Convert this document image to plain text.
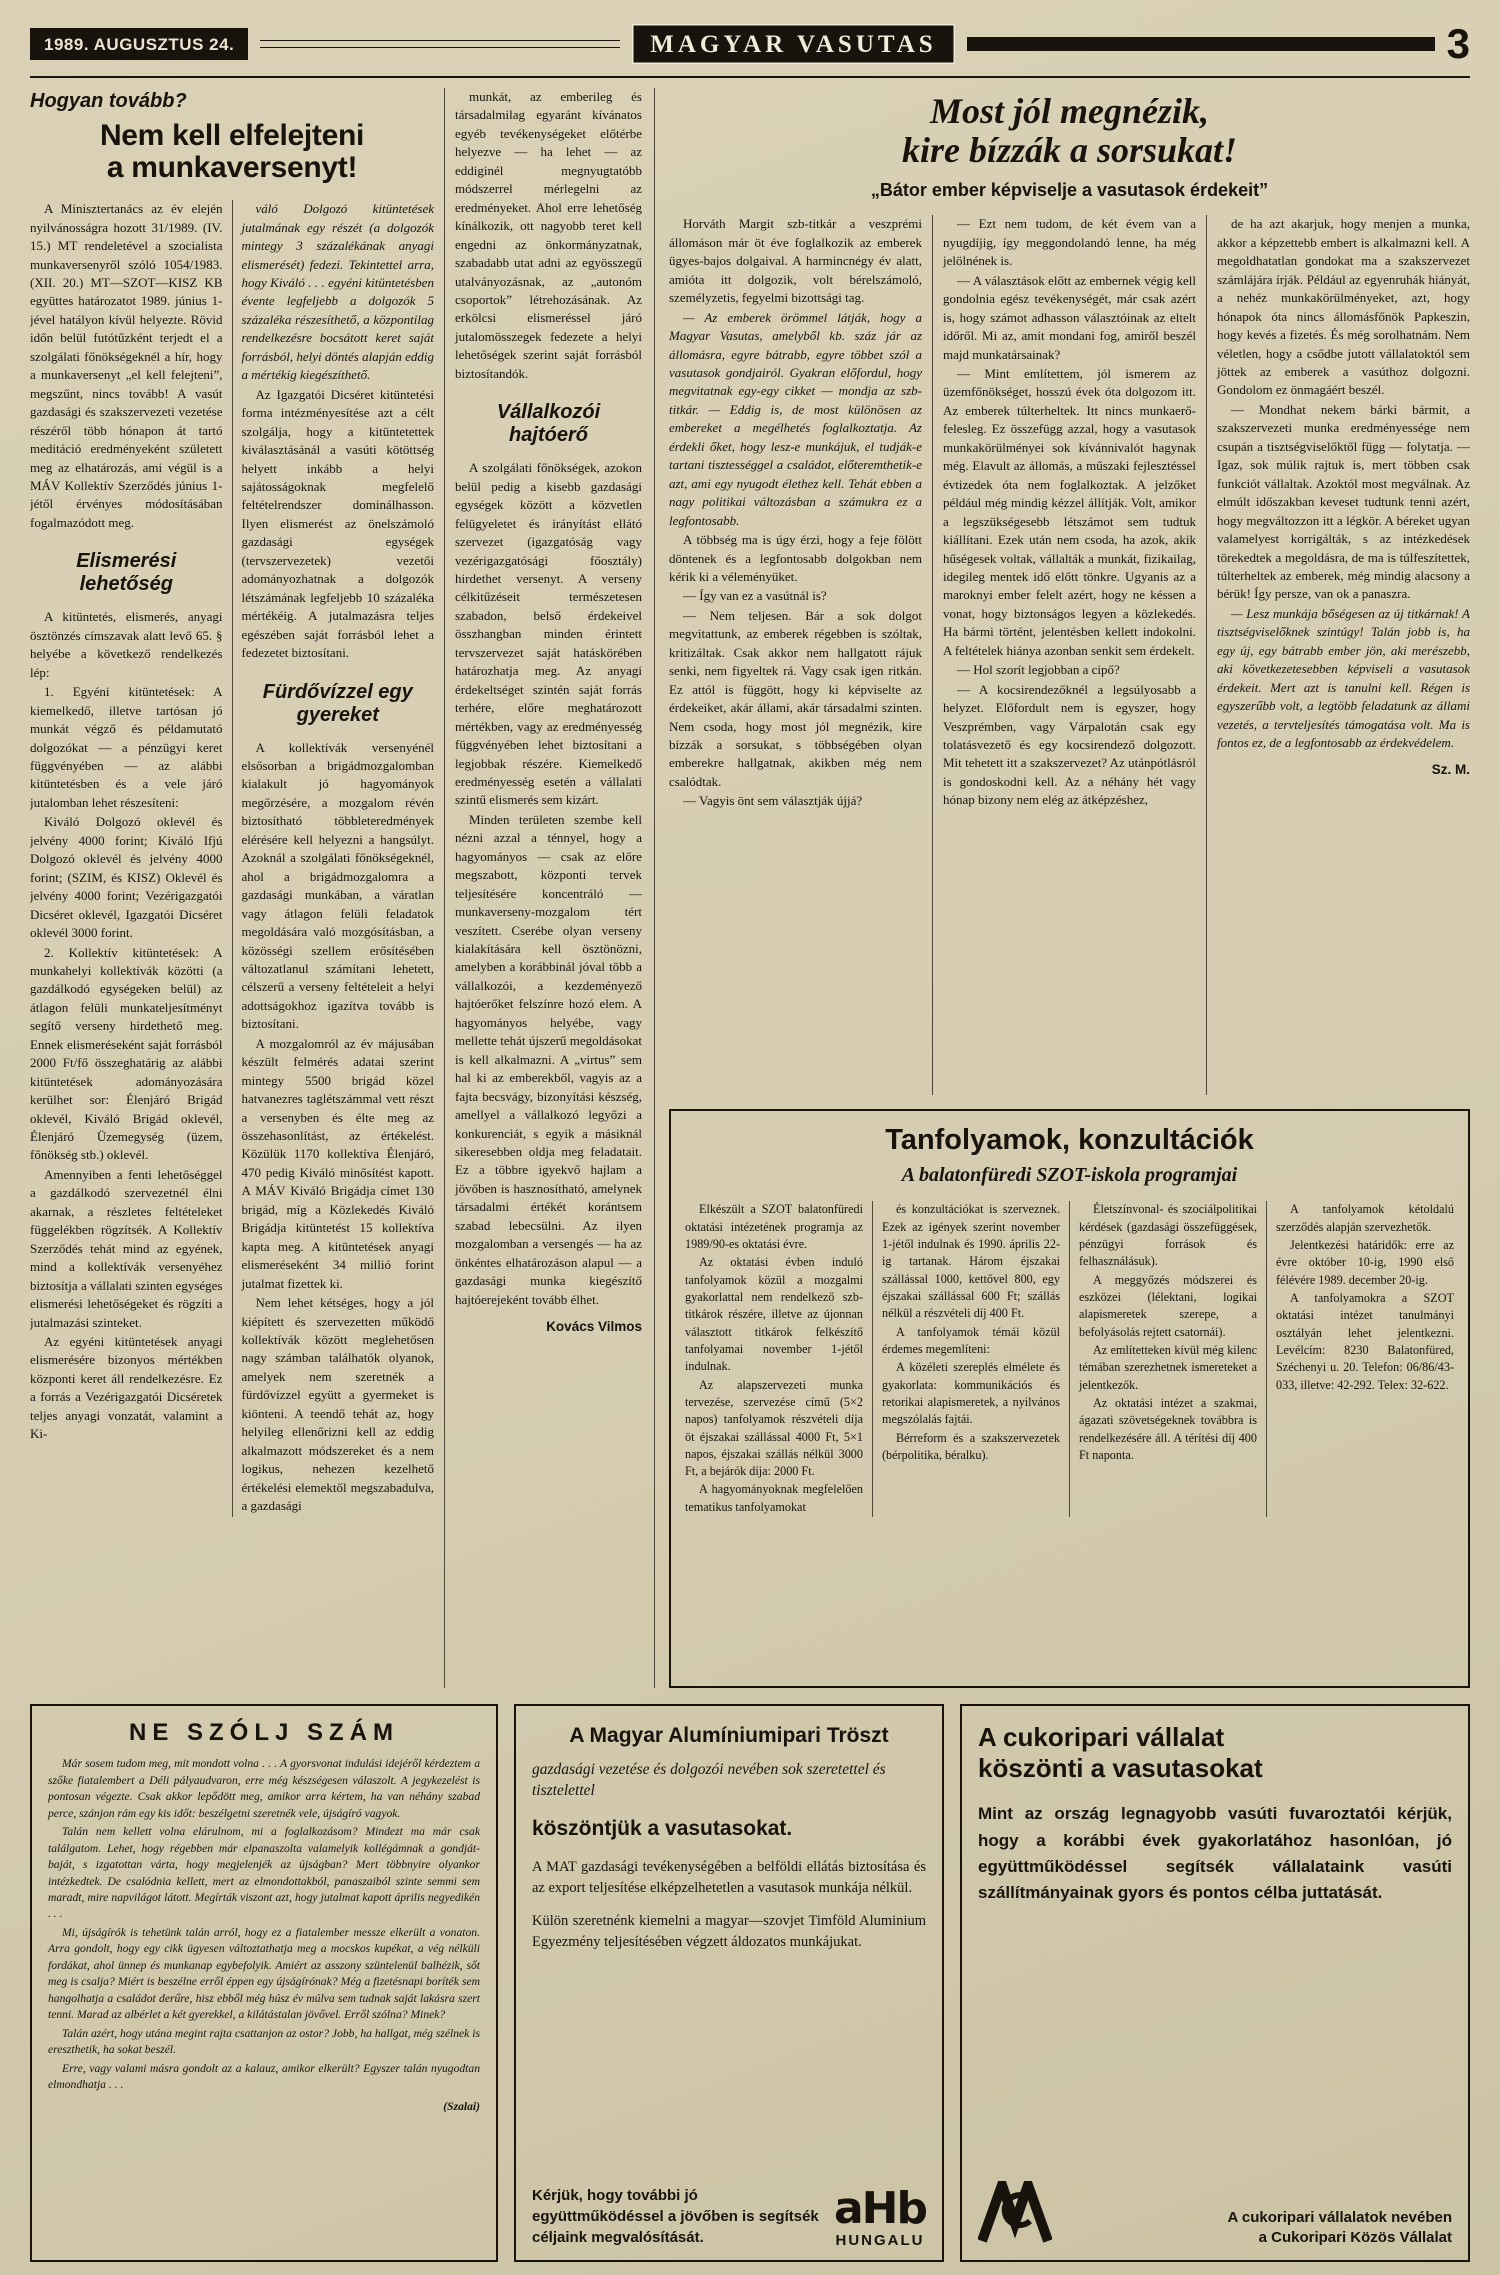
1989. AUGUSZTUS 24.	MAGYAR VASUTAS	3
Hogyan tovább?
Nem kell elfelejteni
a munkaversenyt!

A Minisztertanács az év elején nyilvánosságra hozott 31/1989. (IV. 15.) MT rendeletével a szocialista munkaversenyről szóló 1054/1983. (XII. 20.) MT—SZOT—KISZ KB együttes határozatot 1989. június 1-jével hatályon kívül helyezte. Rövid időn belül futótűzként terjedt el a szolgálati főnökségeknél a hír, hogy a munkaversenyt „el kell felejteni”, megszűnt, nincs tovább! A vasút gazdasági és szakszervezeti vezetése részéről több hónapon át tartó meditáció eredményeként született meg az elhatározás, ami végül is a MÁV Kollektív Szerződés június 1-jétől érvényes módosításában fogalmazódott meg.

Elismerési lehetőség

A kitüntetés, elismerés, anyagi ösztönzés címszavak alatt levő 65. § helyébe a következő rendelkezés lép:

1. Egyéni kitüntetések: A kiemelkedő, illetve tartósan jó munkát végző és példamutató dolgozókat — a pénzügyi keret függvényében — az alábbi kitüntetésben és a vele járó jutalomban lehet részesíteni:

Kiváló Dolgozó oklevél és jelvény 4000 forint; Kiváló Ifjú Dolgozó oklevél és jelvény 4000 forint; (SZIM, és KISZ) Oklevél és jelvény 4000 forint; Vezérigazgatói Dicséret oklevél, Igazgatói Dicséret oklevél 3000 forint.

2. Kollektív kitüntetések: A munkahelyi kollektívák közötti (a gazdálkodó egységeken belül) az átlagon felüli munkateljesítményt segítő verseny hirdethető meg. Ennek elismeréseként saját forrásból 2000 Ft/fő összeghatárig az alábbi kitüntetések adományozására kerülhet sor: Élenjáró Brigád oklevél, Kiváló Brigád oklevél, Élenjáró Üzemegység (üzem, főnökség stb.) oklevél.

Amennyiben a fenti lehetőséggel a gazdálkodó szervezetnél élni akarnak, a részletes feltételeket függelékben rögzítsék. A Kollektív Szerződés tehát mind az egyének, mind a kollektívák versenyéhez biztosítja a vállalati szinten egységes elismerési lehetőségeket és rögzíti a jutalmazási szinteket.

Az egyéni kitüntetések anyagi elismerésére bizonyos mértékben központi keret áll rendelkezésre. Ez a forrás a Vezérigazgatói Dicséretek teljes anyagi vonzatát, valamint a Ki-

váló Dolgozó kitüntetések jutalmának egy részét (a dolgozók mintegy 3 százalékának anyagi elismerését) fedezi. Tekintettel arra, hogy Kiváló . . . egyéni kitüntetésben évente legfeljebb a dolgozók 5 százaléka részesíthető, a központilag rendelkezésre bocsátott keret saját forrásból, helyi döntés alapján eddig a mértékig kiegészíthető.

Az Igazgatói Dicséret kitüntetési forma intézményesítése azt a célt szolgálja, hogy a kitüntetettek kiválasztásánál a vasúti kötöttség helyett inkább a helyi sajátosságoknak megfelelő feltételrendszer dominálhasson. Ilyen elismerést az önelszámoló gazdasági egységek (tervszervezetek) vezetői adományozhatnak a dolgozók létszámának legfeljebb 10 százaléka mértékéig. A jutalmazásra teljes egészében saját forrásból lehet a fedezetet biztosítani.

Fürdővízzel egy gyereket

A kollektívák versenyénél elsősorban a brigádmozgalomban kialakult jó hagyományok megőrzésére, a mozgalom révén biztosítható többleteredmények elérésére kell helyezni a hangsúlyt. Azoknál a szolgálati főnökségeknél, ahol a brigádmozgalomra a gazdasági munkában, a váratlan vagy átlagon felüli feladatok megoldására való mozgósításban, a közösségi szellem erősítésében változatlanul számítani lehetett, célszerű a verseny feltételeit a helyi adottságokhoz igazítva tovább is biztosítani.

A mozgalomról az év májusában készült felmérés adatai szerint mintegy 5500 brigád közel hatvanezres taglétszámmal vett részt a versenyben és élte meg az összehasonlítást, az értékelést. Közülük 1170 kollektíva Élenjáró, 470 pedig Kiváló minősítést kapott. A MÁV Kiváló Brigádja címet 130 brigád, míg a Közlekedés Kiváló Brigádja kitüntetést 15 kollektíva kapta meg. A kitüntetések anyagi elismeréseként 34 millió forint jutalmat fizettek ki.

Nem lehet kétséges, hogy a jól kiépített és szervezetten működő kollektívák között meglehetősen nagy számban találhatók olyanok, amelyek nem szeretnék a fürdővízzel együtt a gyermeket is kiönteni. A teendő tehát az, hogy helyileg ellenőrizni kell az eddig alkalmazott módszereket és a nem logikus, nehezen kezelhető értékelési elemektől megszabadulva, a gazdasági

munkát, az emberileg és társadalmilag egyaránt kívánatos egyéb tevékenységeket előtérbe helyezve — ha lehet — az eddiginél megnyugtatóbb módszerrel mérlegelni az eredményeket. Ahol erre lehetőség kínálkozik, ott nagyobb teret kell engedni az önkormányzatnak, szabadabb utat adni az egyösszegű utalványozásnak, az „autonóm csoportok” létrehozásának. Az erkölcsi elismeréssel járó jutalomösszegek fedezete a helyi lehetőségek szerint saját forrásból biztosítandók.

Vállalkozói hajtóerő

A szolgálati főnökségek, azokon belül pedig a kisebb gazdasági egységek között a közvetlen felügyeletet és irányítást ellátó szervezet (igazgatóság vagy vezérigazgatósági főosztály) hirdethet versenyt. A verseny célkitűzéseit természetesen szabadon, belső érdekeivel összhangban minden érintett tervszervezet saját hatáskörében határozhatja meg. Az anyagi érdekeltséget szintén saját forrás terhére, előre meghatározott mértékben, vagy az eredményesség függvényében lehet biztosítani a legjobbak részére. Kiemelkedő eredményesség esetén a vállalati szintű elismerés sem kizárt.

Minden területen szembe kell nézni azzal a ténnyel, hogy a hagyományos — csak az előre megszabott, központi tervek teljesítésére koncentráló — munkaverseny-mozgalom tért veszített. Cserébe olyan verseny kialakítására kell ösztönözni, amelyben a korábbinál jóval több a vállalkozói, a kezdeményező hajtóerőket felszínre hozó elem. A hagyományos helyébe, vagy mellette tehát újszerű megoldásokat is kell alkalmazni. A „virtus” sem hal ki az emberekből, vagyis az a fajta becsvágy, bizonyítási készség, amellyel a vállalkozó legyőzi a konkurenciát, s egyik a másiknál sikeresebben oldja meg feladatait. Ez a többre igyekvő hajlam a jövőben is hasznosítható, amelynek társadalmi értékét korántsem szabad lebecsülni. Az ilyen mozgalomban a versengés — ha az önkéntes elhatározáson alapul — a gazdasági munka kiegészítő hajtóerejeként tovább élhet.

Kovács Vilmos

Most jól megnézik,
kire bízzák a sorsukat!
„Bátor ember képviselje a vasutasok érdekeit”

Horváth Margit szb-titkár a veszprémi állomáson már öt éve foglalkozik az emberek ügyes-bajos dolgaival. A harmincnégy év alatt, amióta itt dolgozik, volt bérelszámoló, személyzetis, fegyelmi bizottsági tag.

— Az emberek örömmel látják, hogy a Magyar Vasutas, amelyből kb. száz jár az állomásra, egyre bátrabb, egyre többet szól a vasutasok gondjairól. Gyakran előfordul, hogy megvitatnak egy-egy cikket — mondja az szb-titkár. — Eddig is, de most különösen az embereket a megélhetés foglalkoztatja. Az érdekli őket, hogy lesz-e munkájuk, el tudják-e tartani tisztességgel a családot, előteremthetik-e azt, ami egy nyugodt élethez kell. Tehát ebben a nagy politikai változásban a számukra ez a legfontosabb.

A többség ma is úgy érzi, hogy a feje fölött döntenek és a legfontosabb dolgokban nem kérik ki a véleményüket.

— Így van ez a vasútnál is?

— Nem teljesen. Bár a sok dolgot megvitattunk, az emberek régebben is szóltak, kritizáltak. Csak akkor nem hallgatott rájuk senki, nem figyeltek rá. Vagy csak igen ritkán. Ez attól is függött, hogy ki képviselte az érdekeiket, akár állami, akár társadalmi szinten. Nem csoda, hogy most jól megnézik, kire bízzák a sorsukat, s többségében olyan emberekre hallgatnak, akikben még nem csalódtak.

— Vagyis önt sem választják újjá?

— Ezt nem tudom, de két évem van a nyugdíjig, így meggondolandó lenne, ha még jelölnének is.

— A választások előtt az embernek végig kell gondolnia egész tevékenységét, már csak azért is, hogy számot adhasson választóinak az eltelt időről. Mi az, amit mondani fog, amiről beszél majd munkatársainak?

— Mint említettem, jól ismerem az üzemfőnökséget, hosszú évek óta dolgozom itt. Az emberek túlterheltek. Itt nincs munkaerő-felesleg. Ez összefügg azzal, hogy a vasutasok munkakörülményei sok kívánnivalót hagynak még. Elavult az állomás, a műszaki fejlesztéssel évtizedek óta nem foglalkoztak. A jelzőket például még mindig kézzel állítják. Volt, amikor a legszükségesebb létszámot sem tudtuk kiállítani. Ezek után nem csoda, ha azok, akik hűségesek voltak, vállalták a munkát, fizikailag, idegileg mentek idő előtt tönkre. Ugyanis az a maroknyi ember felelt azért, hogy ne késsen a vonat, hogy biztonságos legyen a közlekedés. Ha bármi történt, jelentésben kellett indokolni. A feltételek hiánya azonban senkit sem érdekelt.

— Hol szorít legjobban a cipő?

— A kocsirendezőknél a legsúlyosabb a helyzet. Előfordult nem is egyszer, hogy Veszprémben, vagy Várpalotán csak egy tolatásvezető és egy kocsirendező dolgozott. Mit tehetett itt a szakszervezet? Az utánpótlásról is gondoskodni kell. Az a néhány hét vagy hónap bizony nem elég az átképzéshez,

de ha azt akarjuk, hogy menjen a munka, akkor a képzettebb embert is alkalmazni kell. A megoldhatatlan gondokat ma a szakszervezet számlájára írják. Például az egyenruhák hiányát, a nehéz munkakörülményeket, azt, hogy hónapok óta nincs állomásfőnök Papkeszin, hogy kevés a fizetés. És még sorolhatnám. Nem véletlen, hogy a csődbe jutott vállalatoktól sem jöttek az emberek a vasúthoz dolgozni. Gondolom ez önmagáért beszél.

— Mondhat nekem bárki bármit, a szakszervezeti munka eredményessége nem csupán a tisztségviselőktől függ — folytatja. — Igaz, sok múlik rajtuk is, mert többen csak funkciót vállaltak. Azoktól most megválnak. Az elmúlt időszakban keveset tudtunk tenni azért, hogy megváltozzon itt a légkör. A béreket ugyan valamelyest korrigálták, s az intézkedések törekedtek a megoldásra, de ma is túlfeszítettek, túlterheltek az emberek, még mindig alacsony a bérük! Így persze, van ok a panaszra.

— Lesz munkája bőségesen az új titkárnak! A tisztségviselőknek szintúgy! Talán jobb is, ha egy új, egy bátrabb ember jön, aki merészebb, aki következetesebben képviseli a vasutasok érdekeit. Mert azt is tanulni kell. Régen is egyszerűbb volt, a legtöbb feladatunk az állami vezetés, a tervteljesítés támogatása volt. Ma is fontos ez, de a legfontosabb az érdekvédelem.

Sz. M.

Tanfolyamok, konzultációk
A balatonfüredi SZOT-iskola programjai

Elkészült a SZOT balatonfüredi oktatási intézetének programja az 1989/90-es oktatási évre.

Az oktatási évben induló tanfolyamok közül a mozgalmi gyakorlattal nem rendelkező szb-titkárok részére, illetve az újonnan választott titkárok felkészítő tanfolyamai november 1-jétől indulnak.

Az alapszervezeti munka tervezése, szervezése című (5×2 napos) tanfolyamok részvételi díja öt éjszakai szállással 4000 Ft, 5×1 napos, éjszakai szállás nélkül 3000 Ft, a bejárók díja: 2000 Ft.

A hagyományoknak megfelelően tematikus tanfolyamokat

és konzultációkat is szerveznek. Ezek az igények szerint november 1-jétől indulnak és 1990. április 22-ig tartanak. Három éjszakai szállással 1000, kettővel 800, egy éjszakai szállással 600 Ft; szállás nélkül a részvételi díj 400 Ft.

A tanfolyamok témái közül érdemes megemlíteni:

A közéleti szereplés elmélete és gyakorlata: kommunikációs és retorikai alapismeretek, a nyilvános megszólalás fajtái.

Bérreform és a szakszervezetek (bérpolitika, béralku).

Életszínvonal- és szociálpolitikai kérdések (gazdasági összefüggések, pénzügyi források és felhasználásuk).

A meggyőzés módszerei és eszközei (lélektani, logikai alapismeretek szerepe, a befolyásolás rejtett csatornái).

Az említetteken kívül még kilenc témában szerezhetnek ismereteket a jelentkezők.

Az oktatási intézet a szakmai, ágazati szövetségeknek továbbra is rendelkezésére áll. A térítési díj 400 Ft naponta.

A tanfolyamok kétoldalú szerződés alapján szervezhetők.

Jelentkezési határidők: erre az évre október 10-ig, 1990 első félévére 1989. december 20-ig.

A tanfolyamokra a SZOT oktatási intézet tanulmányi osztályán lehet jelentkezni. Levélcím: 8230 Balatonfüred, Széchenyi u. 20. Telefon: 06/86/43-033, illetve: 42-292. Telex: 32-622.

NE SZÓLJ SZÁM

Már sosem tudom meg, mit mondott volna . . . A gyorsvonat indulási idejéről kérdeztem a szőke fiatalembert a Déli pályaudvaron, erre még készségesen válaszolt. A jegykezelést is pontosan végezte. Csak akkor lepődött meg, amikor arra kértem, ha van néhány szabad perce, szánjon rám egy kis időt: beszélgetni szeretnék vele, újságíró vagyok.

Talán nem kellett volna elárulnom, mi a foglalkozásom? Mindezt ma már csak találgatom. Lehet, hogy régebben már elpanaszolta valamelyik kollégámnak a gondját-baját, s izgatottan várta, hogy megjelenjék az újságban? Mert többnyire olyankor intézkedtek. De csalódnia kellett, mert az elmondottakból, panaszaiból szinte semmi sem maradt, mire napvilágot látott. Megírták viszont azt, hogy jutalmat kapott április negyedikén . . .

Mi, újságírók is tehetünk talán arról, hogy ez a fiatalember messze elkerült a vonaton. Arra gondolt, hogy egy cikk ügyesen változtathatja meg a mocskos kupékat, a vég nélküli fordákat, ahol ünnep és munkanap egybefolyik. Amiért az asszony szüntelenül balhézik, sőt meg is csalja? Miért is beszélne erről éppen egy újságírónak? Még a fizetésnapi boríték sem hangolhatja a családot derűre, hisz ebből még húsz év múlva sem tudnak saját lakásra szert tenni. Marad az albérlet a két gyerekkel, a kilátástalan jövővel. Erről szólna? Minek?

Talán azért, hogy utána megint rajta csattanjon az ostor? Jobb, ha hallgat, még szélnek is ereszthetik, ha sokat beszél.

Erre, vagy valami másra gondolt az a kalauz, amikor elkerült? Egyszer talán nyugodtan elmondhatja . . .

(Szalai)

A Magyar Alumíniumipari Tröszt
gazdasági vezetése és dolgozói nevében sok szeretettel és tisztelettel
köszöntjük a vasutasokat.

A MAT gazdasági tevékenységében a belföldi ellátás biztosítása és az export teljesítése elképzelhetetlen a vasutasok munkája nélkül.

Külön szeretnénk kiemelni a magyar—szovjet Timföld Aluminium Egyezmény teljesítésében végzett áldozatos munkájukat.

Kérjük, hogy további jó együttműködéssel a jövőben is segítsék céljaink megvalósítását.
aHb
HUNGALU
A cukoripari vállalat
köszönti a vasutasokat

Mint az ország legnagyobb vasúti fuvaroztatói kérjük, hogy a korábbi évek gyakorlatához hasonlóan, jó együttműködéssel segítsék vállalataink vasúti szállítmányainak gyors és pontos célba juttatását.

A cukoripari vállalatok nevében
a Cukoripari Közös Vállalat
